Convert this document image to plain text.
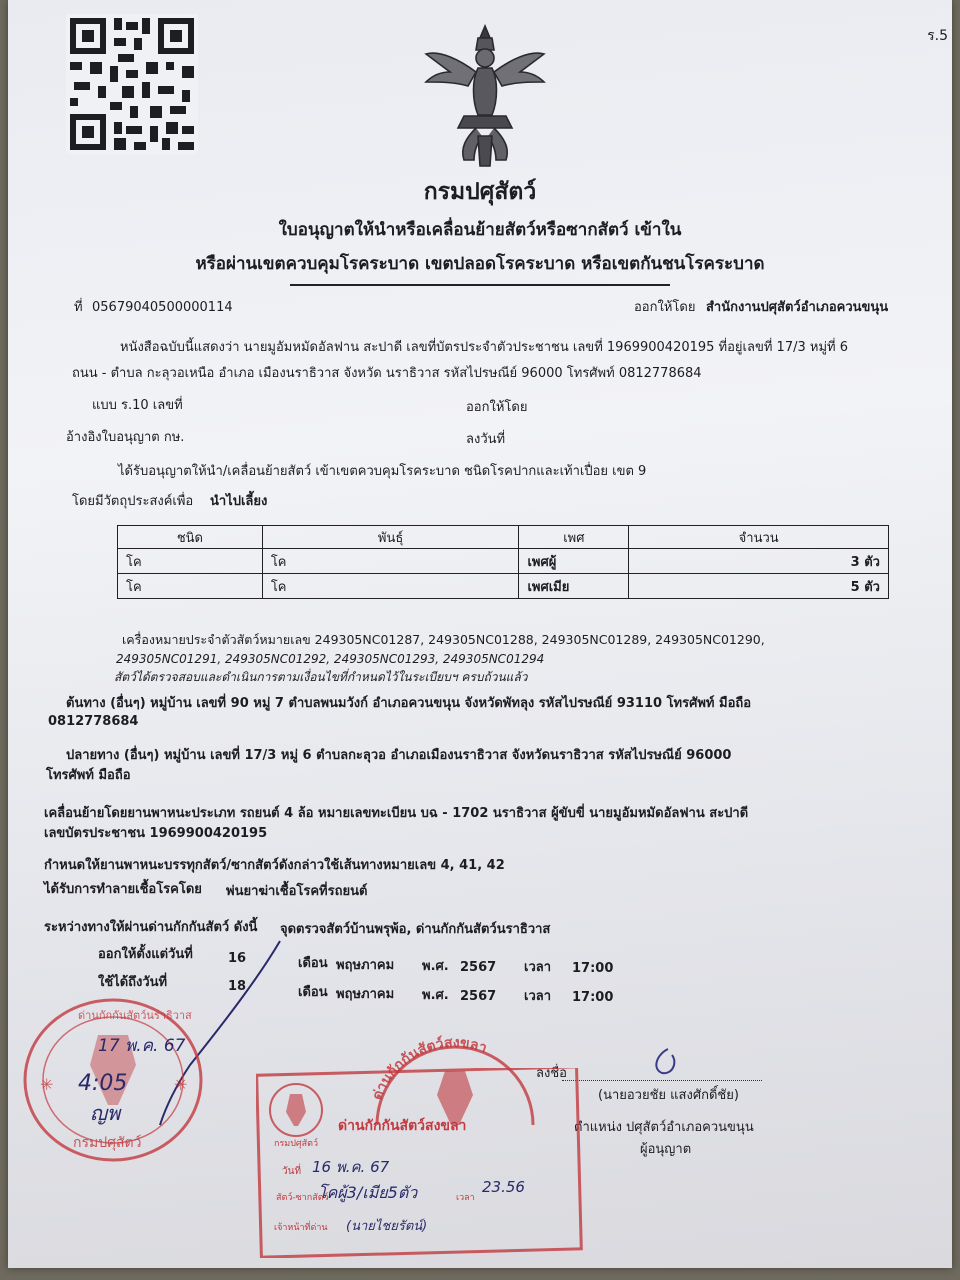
ร.5
กรมปศุสัตว์
ใบอนุญาตให้นำหรือเคลื่อนย้ายสัตว์หรือซากสัตว์ เข้าใน
หรือผ่านเขตควบคุมโรคระบาด เขตปลอดโรคระบาด หรือเขตกันชนโรคระบาด
ที่ 05679040500000114	ออกให้โดย สำนักงานปศุสัตว์อำเภอควนขนุน
หนังสือฉบับนี้แสดงว่า นายมูอัมหมัดอัลฟาน สะปาดี เลขที่บัตรประจำตัวประชาชน เลขที่ 1969900420195 ที่อยู่เลขที่ 17/3 หมู่ที่ 6
ถนน - ตำบล กะลุวอเหนือ อำเภอ เมืองนราธิวาส จังหวัด นราธิวาส รหัสไปรษณีย์ 96000 โทรศัพท์ 0812778684
แบบ ร.10 เลขที่	ออกให้โดย
อ้างอิงใบอนุญาต กษ.	ลงวันที่
ได้รับอนุญาตให้นำ/เคลื่อนย้ายสัตว์ เข้าเขตควบคุมโรคระบาด ชนิดโรคปากและเท้าเปื่อย เขต 9
โดยมีวัตถุประสงค์เพื่อ นำไปเลี้ยง
ชนิด	พันธุ์	เพศ	จำนวน
โค	โค	เพศผู้	3 ตัว
โค	โค	เพศเมีย	5 ตัว
เครื่องหมายประจำตัวสัตว์หมายเลข 249305NC01287, 249305NC01288, 249305NC01289, 249305NC01290,
249305NC01291, 249305NC01292, 249305NC01293, 249305NC01294
สัตว์ได้ตรวจสอบและดำเนินการตามเงื่อนไขที่กำหนดไว้ในระเบียบฯ ครบถ้วนแล้ว
ต้นทาง (อื่นๆ) หมู่บ้าน เลขที่ 90 หมู่ 7 ตำบลพนมวังก์ อำเภอควนขนุน จังหวัดพัทลุง รหัสไปรษณีย์ 93110 โทรศัพท์ มือถือ
0812778684
ปลายทาง (อื่นๆ) หมู่บ้าน เลขที่ 17/3 หมู่ 6 ตำบลกะลุวอ อำเภอเมืองนราธิวาส จังหวัดนราธิวาส รหัสไปรษณีย์ 96000
โทรศัพท์ มือถือ
เคลื่อนย้ายโดยยานพาหนะประเภท รถยนต์ 4 ล้อ หมายเลขทะเบียน บฉ - 1702 นราธิวาส ผู้ขับขี่ นายมูอัมหมัดอัลฟาน สะปาดี
เลขบัตรประชาชน 1969900420195
กำหนดให้ยานพาหนะบรรทุกสัตว์/ซากสัตว์ดังกล่าวใช้เส้นทางหมายเลข 4, 41, 42
ได้รับการทำลายเชื้อโรคโดย พ่นยาฆ่าเชื้อโรคที่รถยนต์
ระหว่างทางให้ผ่านด่านกักกันสัตว์ ดังนี้ จุดตรวจสัตว์บ้านพรุพ้อ, ด่านกักกันสัตว์นราธิวาส
ออกให้ตั้งแต่วันที่	16	เดือน พฤษภาคม พ.ศ. 2567 เวลา 17:00
ใช้ได้ถึงวันที่	18	เดือน พฤษภาคม พ.ศ. 2567 เวลา 17:00
ลงชื่อ
(นายอวยชัย แสงศักดิ์ชัย)
ตำแหน่ง ปศุสัตว์อำเภอควนขนุน
ผู้อนุญาต
✳	✳
17 พ.ค. 67
4:05
ญพ
กรมปศุสัตว์
ด่านกักกันสัตว์นราธิวาส
ด่านกักกันสัตว์สงขลา
กรมปศุสัตว์
ด่านกักกันสัตว์สงขลา
วันที่ 16 พ.ค. 67
สัตว์-ซากสัตว์
โคผู้3/เมีย5ตัว	เวลา
23.56
เจ้าหน้าที่ด่าน (นายไชยรัตน์)
